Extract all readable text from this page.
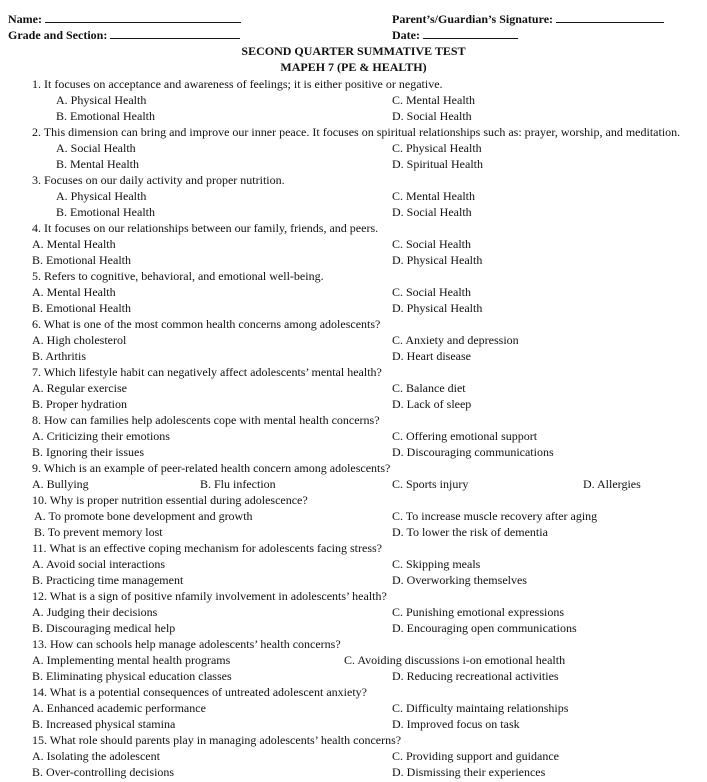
Name:	Parent’s/Guardian’s Signature:
Grade and Section:	Date:
SECOND QUARTER SUMMATIVE TEST
MAPEH 7 (PE & HEALTH)
1. It focuses on acceptance and awareness of feelings; it is either positive or negative.
A. Physical Health	C. Mental Health
B. Emotional Health	D. Social Health
2. This dimension can bring and improve our inner peace. It focuses on spiritual relationships such as: prayer, worship, and meditation.
A. Social Health	C. Physical Health
B. Mental Health	D. Spiritual Health
3. Focuses on our daily activity and proper nutrition.
A. Physical Health	C. Mental Health
B. Emotional Health	D. Social Health
4. It focuses on our relationships between our family, friends, and peers.
A. Mental Health	C. Social Health
B. Emotional Health	D. Physical Health
5. Refers to cognitive, behavioral, and emotional well-being.
A. Mental Health	C. Social Health
B. Emotional Health	D. Physical Health
6. What is one of the most common health concerns among adolescents?
A. High cholesterol	C. Anxiety and depression
B. Arthritis	D. Heart disease
7. Which lifestyle habit can negatively affect adolescents’ mental health?
A. Regular exercise	C. Balance diet
B. Proper hydration	D. Lack of sleep
8. How can families help adolescents cope with mental health concerns?
A. Criticizing their emotions	C. Offering emotional support
B. Ignoring their issues	D. Discouraging communications
9. Which is an example of peer-related health concern among adolescents?
A. Bullying	B. Flu infection	C. Sports injury	D. Allergies
10. Why is proper nutrition essential during adolescence?
A. To promote bone development and growth	C. To increase muscle recovery after aging
B. To prevent memory lost	D. To lower the risk of dementia
11. What is an effective coping mechanism for adolescents facing stress?
A. Avoid social interactions	C. Skipping meals
B. Practicing time management	D. Overworking themselves
12. What is a sign of positive nfamily involvement in adolescents’ health?
A. Judging their decisions	C. Punishing emotional expressions
B. Discouraging medical help	D. Encouraging open communications
13. How can schools help manage adolescents’ health concerns?
A. Implementing mental health programs	C. Avoiding discussions i-on emotional health
B. Eliminating physical education classes	D. Reducing recreational activities
14. What is a potential consequences of untreated adolescent anxiety?
A. Enhanced academic performance	C. Difficulty maintaing relationships
B. Increased physical stamina	D. Improved focus on task
15. What role should parents play in managing adolescents’ health concerns?
A. Isolating the adolescent	C. Providing support and guidance
B. Over-controlling decisions	D. Dismissing their experiences
